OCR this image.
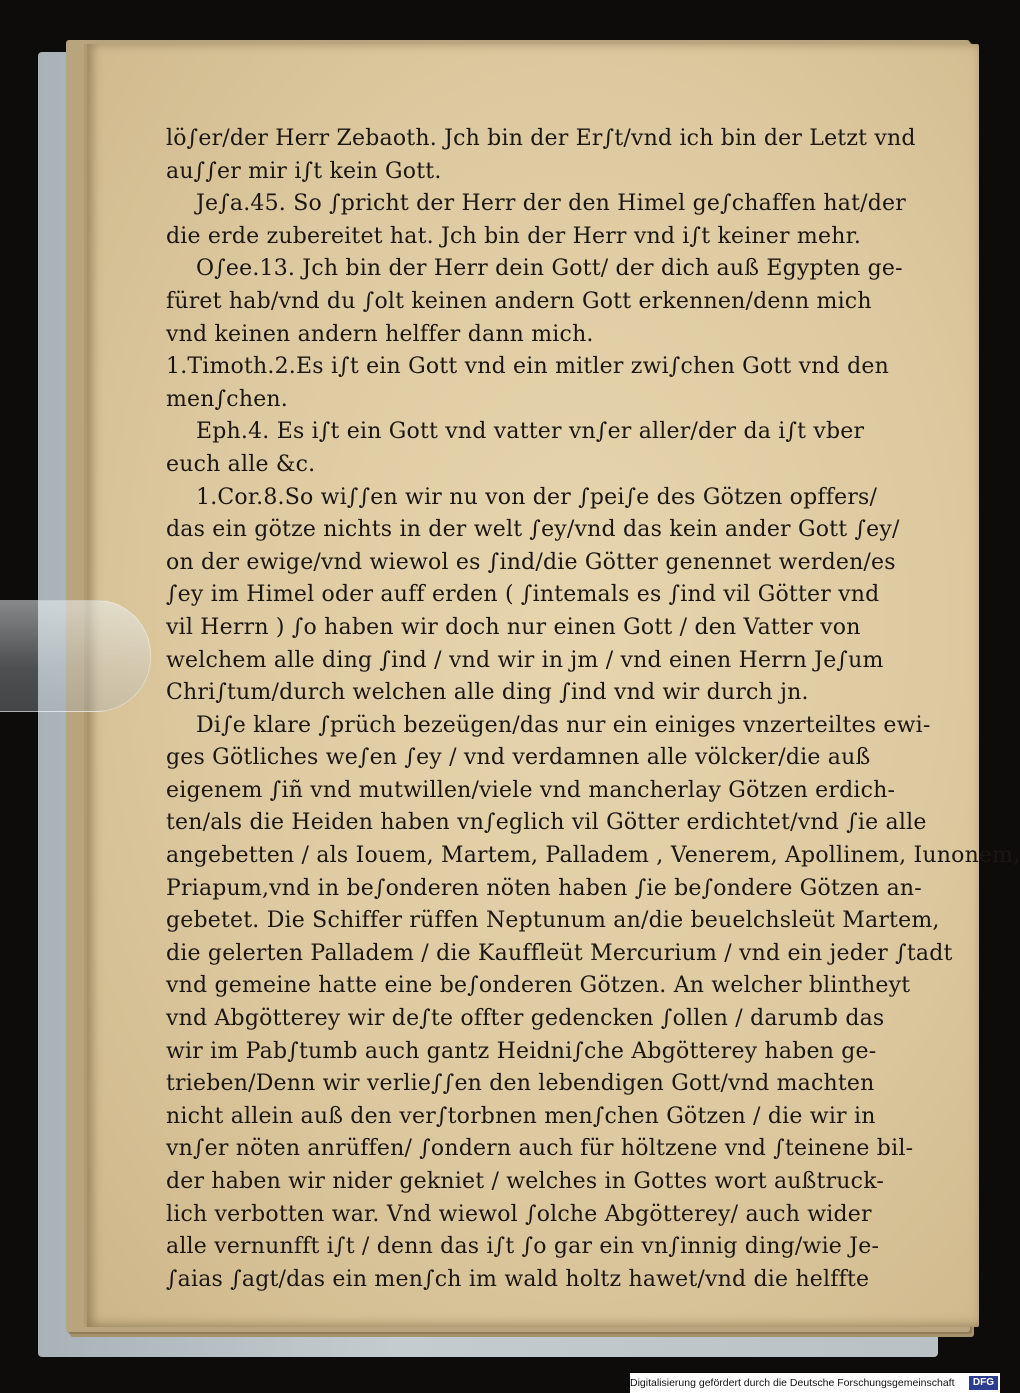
lö∫er/der Herr Zebaoth. Jch bin der Er∫t/vnd ich bin der Letzt vnd
au∫∫er mir i∫t kein Gott.
Je∫a.45. So ∫pricht der Herr der den Himel ge∫chaffen hat/der
die erde zubereitet hat. Jch bin der Herr vnd i∫t keiner mehr.
O∫ee.13. Jch bin der Herr dein Gott/ der dich auß Egypten ge-
füret hab/vnd du ∫olt keinen andern Gott erkennen/denn mich
vnd keinen andern helffer dann mich.
1.Timoth.2.Es i∫t ein Gott vnd ein mitler zwi∫chen Gott vnd den
men∫chen.
Eph.4. Es i∫t ein Gott vnd vatter vn∫er aller/der da i∫t vber
euch alle &c.
1.Cor.8.So wi∫∫en wir nu von der ∫pei∫e des Götzen opffers/
das ein götze nichts in der welt ∫ey/vnd das kein ander Gott ∫ey/
on der ewige/vnd wiewol es ∫ind/die Götter genennet werden/es
∫ey im Himel oder auff erden ( ∫intemals es ∫ind vil Götter vnd
vil Herrn ) ∫o haben wir doch nur einen Gott / den Vatter von
welchem alle ding ∫ind / vnd wir in jm / vnd einen Herrn Je∫um
Chri∫tum/durch welchen alle ding ∫ind vnd wir durch jn.
Di∫e klare ∫prüch bezeügen/das nur ein einiges vnzerteiltes ewi-
ges Götliches we∫en ∫ey / vnd verdamnen alle völcker/die auß
eigenem ∫iñ vnd mutwillen/viele vnd mancherlay Götzen erdich-
ten/als die Heiden haben vn∫eglich vil Götter erdichtet/vnd ∫ie alle
angebetten / als Iouem, Martem, Palladem , Venerem, Apollinem, Iunonem,
Priapum,vnd in be∫onderen nöten haben ∫ie be∫ondere Götzen an-
gebetet. Die Schiffer rüffen Neptunum an/die beuelchsleüt Martem,
die gelerten Palladem / die Kauffleüt Mercurium / vnd ein jeder ∫tadt
vnd gemeine hatte eine be∫onderen Götzen. An welcher blintheyt
vnd Abgötterey wir de∫te offter gedencken ∫ollen / darumb das
wir im Pab∫tumb auch gantz Heidni∫che Abgötterey haben ge-
trieben/Denn wir verlie∫∫en den lebendigen Gott/vnd machten
nicht allein auß den ver∫torbnen men∫chen Götzen / die wir in
vn∫er nöten anrüffen/ ∫ondern auch für höltzene vnd ∫teinene bil-
der haben wir nider gekniet / welches in Gottes wort außtruck-
lich verbotten war. Vnd wiewol ∫olche Abgötterey/ auch wider
alle vernunfft i∫t / denn das i∫t ∫o gar ein vn∫innig ding/wie Je-
∫aias ∫agt/das ein men∫ch im wald holtz hawet/vnd die helffte
Digitalisierung gefördert durch die Deutsche Forschungsgemeinschaft	DFG
